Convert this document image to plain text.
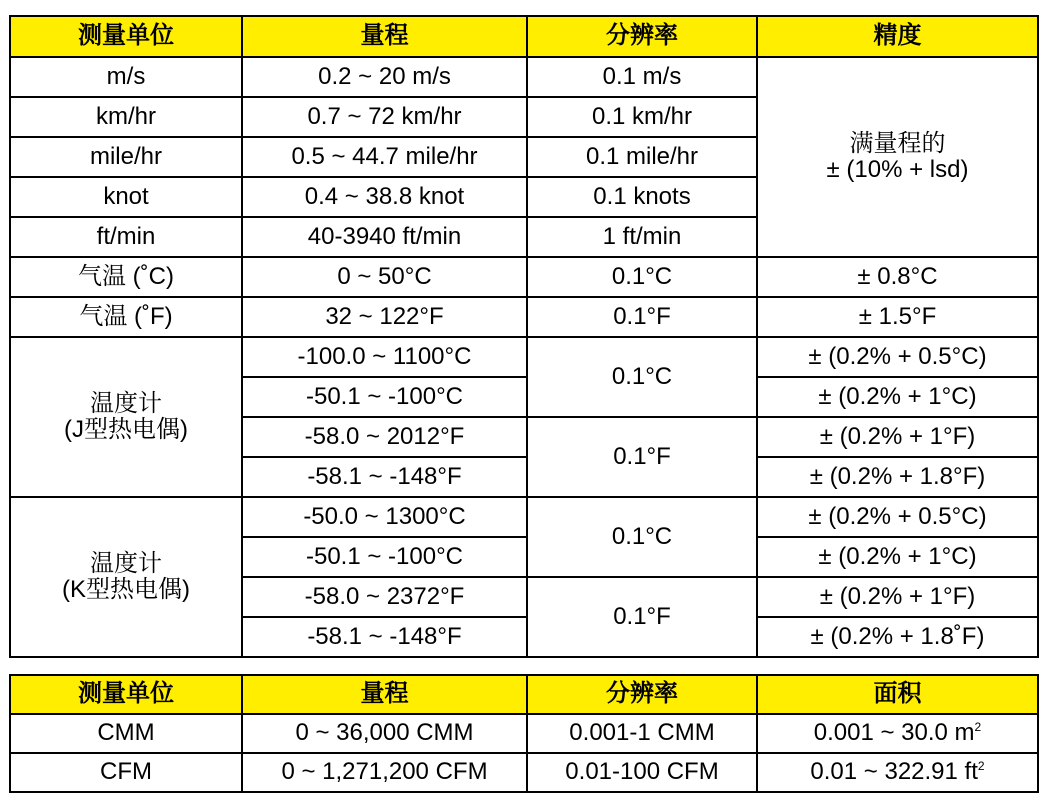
测量单位	量程	分辨率	精度
m/s	0.2 ~ 20 m/s	0.1 m/s	满量程的
± (10% + lsd)

km/hr	0.7 ~ 72 km/hr	0.1 km/hr	
mile/hr	0.5 ~ 44.7 mile/hr	0.1 mile/hr	
knot	0.4 ~ 38.8 knot	0.1 knots	
ft/min	40-3940 ft/min	1 ft/min	
气温 (˚C)	0 ~ 50°C	0.1°C	± 0.8°C
气温 (˚F)	32 ~ 122°F	0.1°F	± 1.5°F

温度计
(J型热电偶)	-100.0 ~ 1100°C	0.1°C	± (0.2% + 0.5°C)
	-50.1 ~ -100°C		± (0.2% + 1°C)
	-58.0 ~ 2012°F	0.1°F	± (0.2% + 1°F)
	-58.1 ~ -148°F		± (0.2% + 1.8°F)

温度计
(K型热电偶)	-50.0 ~ 1300°C	0.1°C	± (0.2% + 0.5°C)
	-50.1 ~ -100°C		± (0.2% + 1°C)
	-58.0 ~ 2372°F	0.1°F	± (0.2% + 1°F)
	-58.1 ~ -148°F		± (0.2% + 1.8˚F)
测量单位	量程	分辨率	面积
CMM	0 ~ 36,000 CMM	0.001-1 CMM	0.001 ~ 30.0 $m^2$
CFM	0 ~ 1,271,200 CFM	0.01-100 CFM	0.01 ~ 322.91 $ft^2$
